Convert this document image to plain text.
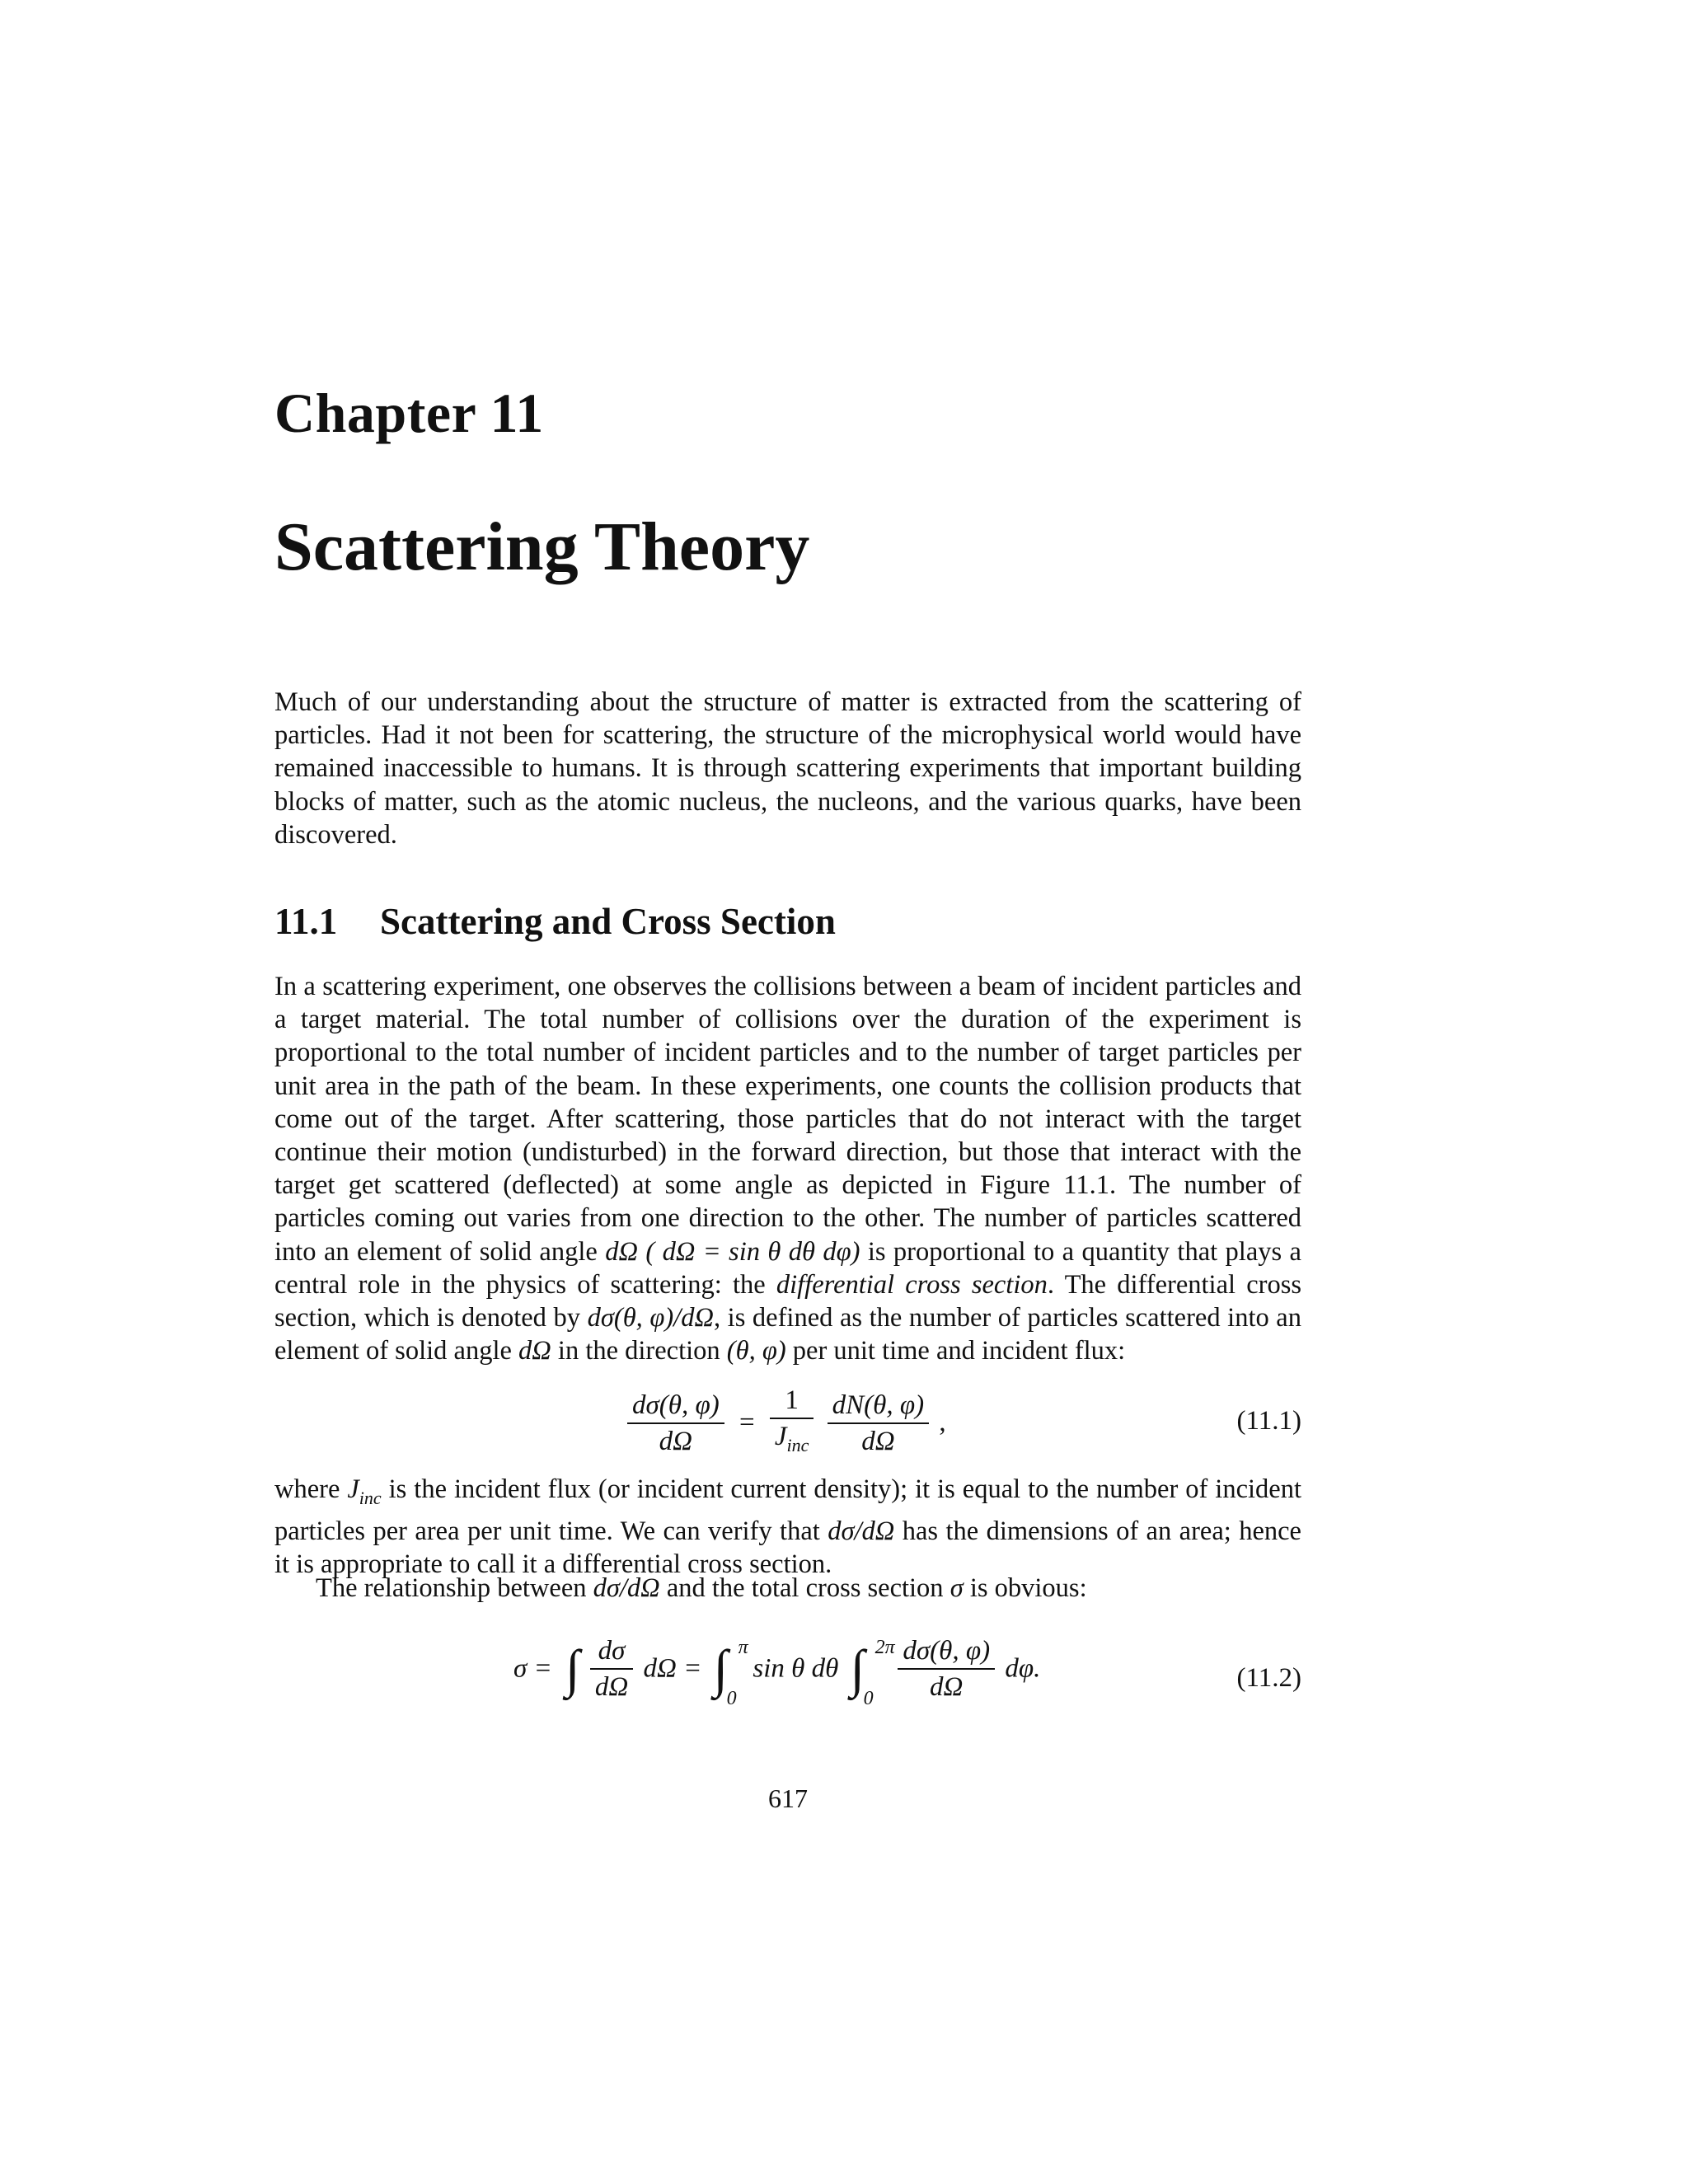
Chapter 11
Scattering Theory

Much of our understanding about the structure of matter is extracted from the scattering of particles. Had it not been for scattering, the structure of the microphysical world would have remained inaccessible to humans. It is through scattering experiments that important building blocks of matter, such as the atomic nucleus, the nucleons, and the various quarks, have been discovered.

11.1 Scattering and Cross Section

In a scattering experiment, one observes the collisions between a beam of incident particles and a target material. The total number of collisions over the duration of the experiment is proportional to the total number of incident particles and to the number of target particles per unit area in the path of the beam. In these experiments, one counts the collision products that come out of the target. After scattering, those particles that do not interact with the target continue their motion (undisturbed) in the forward direction, but those that interact with the target get scattered (deflected) at some angle as depicted in Figure 11.1. The number of particles coming out varies from one direction to the other. The number of particles scattered into an element of solid angle dΩ ( dΩ = sin θ dθ dφ) is proportional to a quantity that plays a central role in the physics of scattering: the differential cross section. The differential cross section, which is denoted by dσ(θ, φ)/dΩ, is defined as the number of particles scattered into an element of solid angle dΩ in the direction (θ, φ) per unit time and incident flux:

$\frac{d\sigma(\theta, \varphi)}{d\Omega} = \frac{1}{J_{inc}}$
$\frac{dN(\theta, \varphi)}{d\Omega}$ ,	(11.1)

where $J_{inc}$ is the incident flux (or incident current density); it is equal to the number of incident particles per area per unit time. We can verify that dσ/dΩ has the dimensions of an area; hence it is appropriate to call it a differential cross section.

The relationship between dσ/dΩ and the total cross section σ is obvious:

σ = ∫ $\frac{d\sigma}{d\Omega}$ dΩ = ∫ π
0
sin θ dθ ∫ 2π
0
$\frac{d\sigma(\theta, \varphi)}{d\Omega} d\varphi$.	(11.2)

617
